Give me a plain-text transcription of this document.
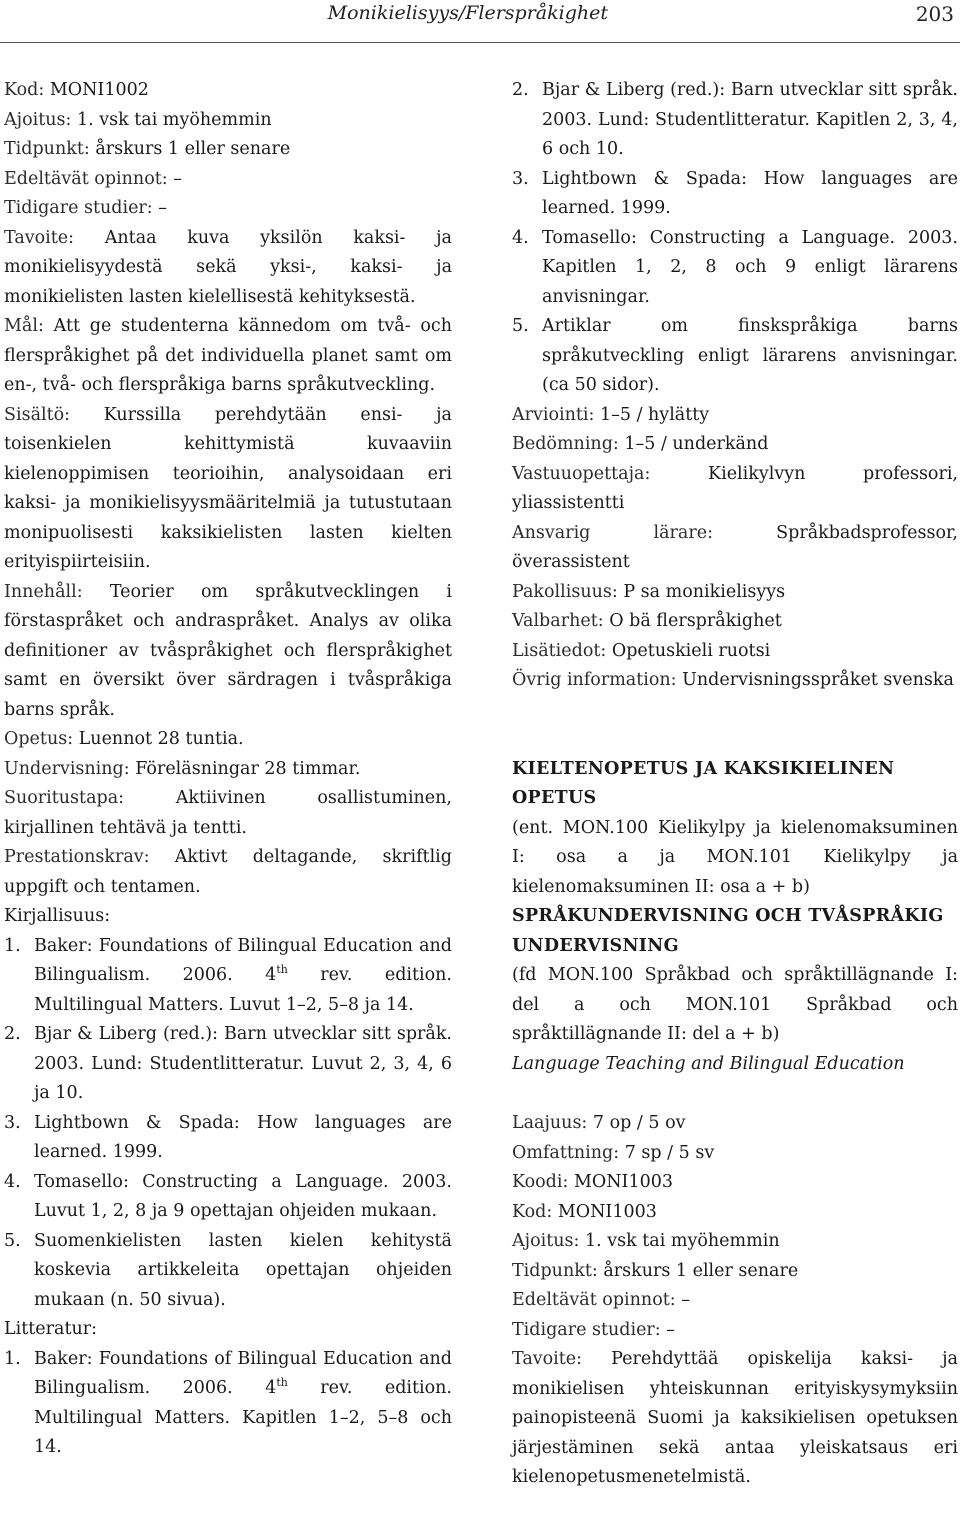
Monikielisyys/Flerspråkighet	203

Kod: MONI1002

Ajoitus: 1. vsk tai myöhemmin

Tidpunkt: årskurs 1 eller senare

Edeltävät opinnot: –

Tidigare studier: –

Tavoite: Antaa kuva yksilön kaksi- ja monikielisyydestä sekä yksi-, kaksi- ja monikielisten lasten kielellisestä kehityksestä.

Mål: Att ge studenterna kännedom om två- och flerspråkighet på det individuella planet samt om en-, två- och flerspråkiga barns språkutveckling.

Sisältö: Kurssilla perehdytään ensi- ja toisenkielen kehittymistä kuvaaviin kielenoppimisen teorioihin, analysoidaan eri kaksi- ja monikielisyysmääritelmiä ja tutustutaan monipuolisesti kaksikielisten lasten kielten erityispiirteisiin.

Innehåll: Teorier om språkutvecklingen i förstaspråket och andraspråket. Analys av olika definitioner av tvåspråkighet och flerspråkighet samt en översikt över särdragen i tvåspråkiga barns språk.

Opetus: Luennot 28 tuntia.

Undervisning: Föreläsningar 28 timmar.

Suoritustapa:	Aktiivinen osallistuminen, kirjallinen tehtävä ja tentti.

Prestationskrav: Aktivt deltagande, skriftlig uppgift och tentamen.

Kirjallisuus:

1. Baker: Foundations of Bilingual Education and Bilingualism. 2006. 4th rev. edition. Multilingual Matters. Luvut 1–2, 5–8 ja 14.
2. Bjar & Liberg (red.): Barn utvecklar sitt språk. 2003. Lund: Studentlitteratur. Luvut 2, 3, 4, 6 ja 10.
3. Lightbown & Spada: How languages are learned. 1999.
4. Tomasello: Constructing a Language. 2003. Luvut 1, 2, 8 ja 9 opettajan ohjeiden mukaan.
5. Suomenkielisten lasten kielen kehitystä koskevia artikkeleita opettajan ohjeiden mukaan (n. 50 sivua).

Litteratur:

1. Baker: Foundations of Bilingual Education and Bilingualism. 2006. 4th rev. edition. Multilingual Matters. Kapitlen 1–2, 5–8 och 14.
2. Bjar & Liberg (red.): Barn utvecklar sitt språk. 2003. Lund: Studentlitteratur. Kapitlen 2, 3, 4, 6 och 10.
3. Lightbown & Spada: How languages are learned. 1999.
4. Tomasello: Constructing a Language. 2003. Kapitlen 1, 2, 8 och 9 enligt lärarens anvisningar.
5. Artiklar om finskspråkiga barns språkutveckling enligt lärarens anvisningar. (ca 50 sidor).

Arviointi: 1–5 / hylätty

Bedömning: 1–5 / underkänd

Vastuuopettaja:	Kielikylvyn professori, yliassistentti

Ansvarig lärare:	Språkbadsprofessor, överassistent

Pakollisuus: P sa monikielisyys

Valbarhet: O bä flerspråkighet

Lisätiedot: Opetuskieli ruotsi

Övrig information: Undervisningsspråket svenska

KIELTENOPETUS JA KAKSIKIELINEN OPETUS

(ent. MON.100 Kielikylpy ja kielenomaksuminen I: osa a ja MON.101 Kielikylpy ja kielenomaksuminen II: osa a + b)

SPRÅKUNDERVISNING OCH TVÅSPRÅKIG UNDERVISNING

(fd MON.100 Språkbad och språktillägnande I: del a och MON.101 Språkbad och språktillägnande II: del a + b)

Language Teaching and Bilingual Education

Laajuus: 7 op / 5 ov

Omfattning: 7 sp / 5 sv

Koodi: MONI1003

Kod: MONI1003

Ajoitus: 1. vsk tai myöhemmin

Tidpunkt: årskurs 1 eller senare

Edeltävät opinnot: –

Tidigare studier: –

Tavoite: Perehdyttää opiskelija kaksi- ja monikielisen yhteiskunnan erityiskysymyksiin painopisteenä Suomi ja kaksikielisen opetuksen järjestäminen sekä antaa yleiskatsaus eri kielenopetusmenetelmistä.
